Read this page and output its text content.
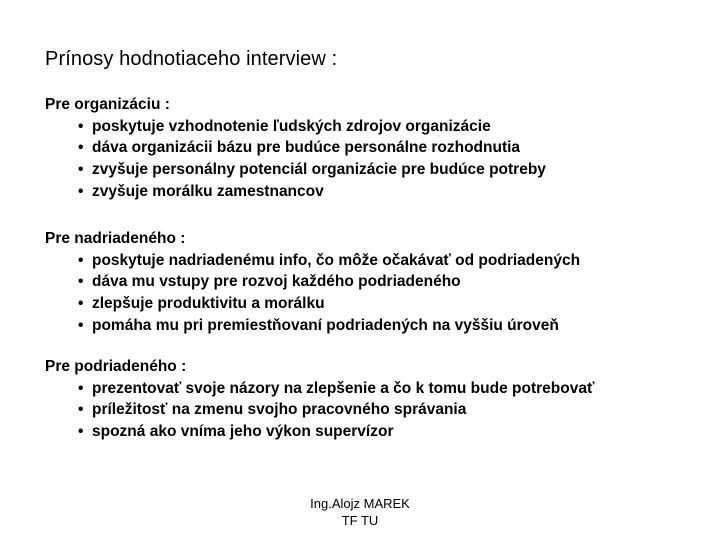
Prínosy hodnotiaceho interview :
Pre organizáciu :
• poskytuje vzhodnotenie ľudských zdrojov organizácie
• dáva organizácii bázu pre budúce personálne rozhodnutia
• zvyšuje personálny potenciál organizácie pre budúce potreby
• zvyšuje morálku zamestnancov
Pre nadriadeného :
• poskytuje nadriadenému info, čo môže očakávať od podriadených
• dáva mu vstupy pre rozvoj každého podriadeného
• zlepšuje produktivitu a morálku
• pomáha mu pri premiestňovaní podriadených na vyššiu úroveň
Pre podriadeného :
• prezentovať svoje názory na zlepšenie a čo k tomu bude potrebovať
• príležitosť na zmenu svojho pracovného správania
• spozná ako vníma jeho výkon supervízor
Ing.Alojz MAREK
TF TU
